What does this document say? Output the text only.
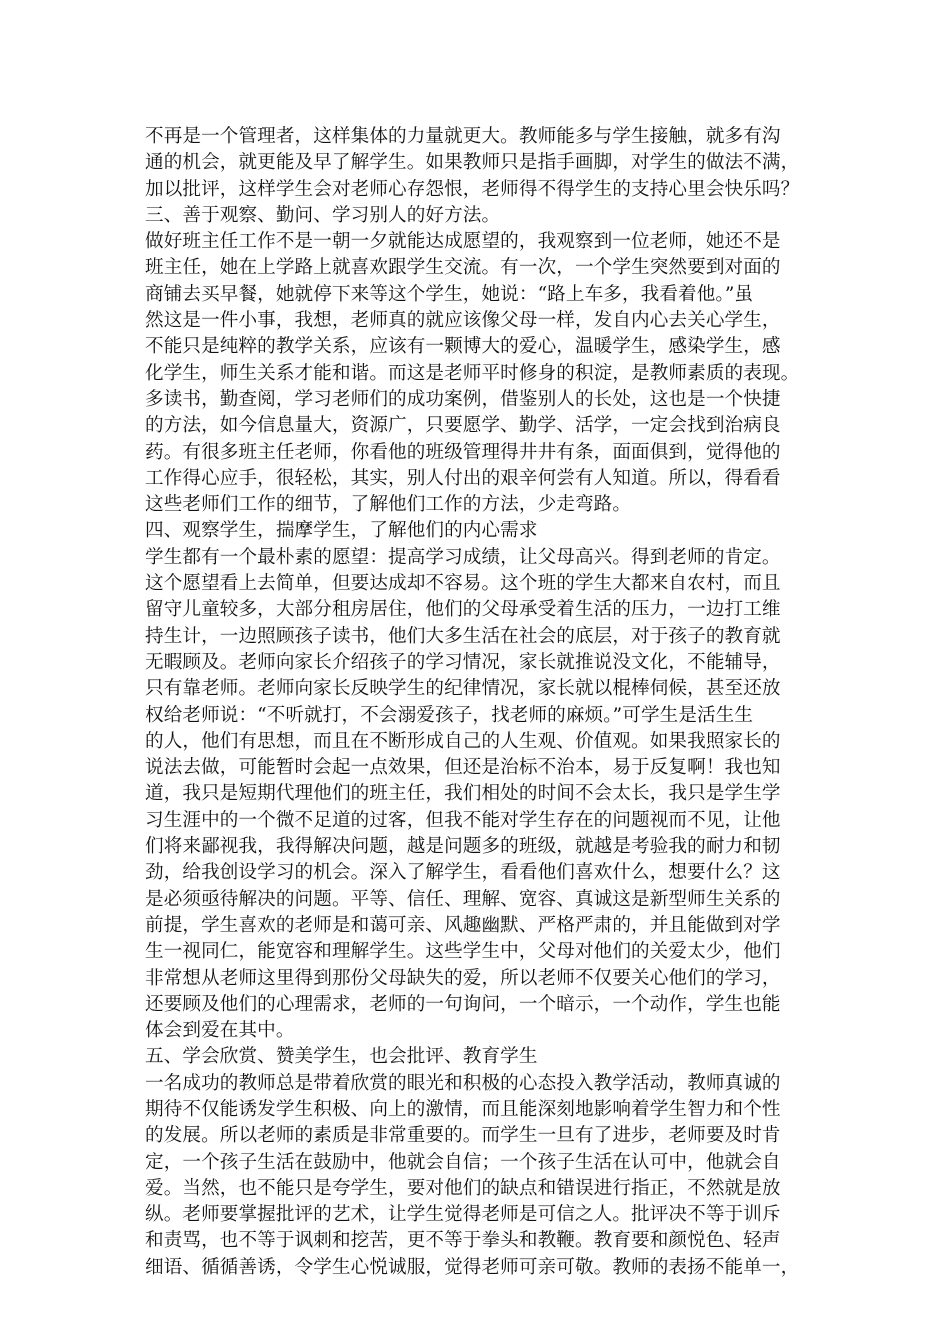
不再是一个管理者，这样集体的力量就更大。教师能多与学生接触，就多有沟
通的机会，就更能及早了解学生。如果教师只是指手画脚，对学生的做法不满，
加以批评，这样学生会对老师心存怨恨，老师得不得学生的支持心里会快乐吗？
三、善于观察、勤问、学习别人的好方法。
做好班主任工作不是一朝一夕就能达成愿望的，我观察到一位老师，她还不是
班主任，她在上学路上就喜欢跟学生交流。有一次，一个学生突然要到对面的
商铺去买早餐，她就停下来等这个学生，她说：“路上车多，我看着他。”虽
然这是一件小事，我想，老师真的就应该像父母一样，发自内心去关心学生，
不能只是纯粹的教学关系，应该有一颗博大的爱心，温暖学生，感染学生，感
化学生，师生关系才能和谐。而这是老师平时修身的积淀，是教师素质的表现。
多读书，勤查阅，学习老师们的成功案例，借鉴别人的长处，这也是一个快捷
的方法，如今信息量大，资源广，只要愿学、勤学、活学，一定会找到治病良
药。有很多班主任老师，你看他的班级管理得井井有条，面面俱到，觉得他的
工作得心应手，很轻松，其实，别人付出的艰辛何尝有人知道。所以，得看看
这些老师们工作的细节，了解他们工作的方法，少走弯路。
四、观察学生，揣摩学生，了解他们的内心需求
学生都有一个最朴素的愿望：提高学习成绩，让父母高兴。得到老师的肯定。
这个愿望看上去简单，但要达成却不容易。这个班的学生大都来自农村，而且
留守儿童较多，大部分租房居住，他们的父母承受着生活的压力，一边打工维
持生计，一边照顾孩子读书，他们大多生活在社会的底层，对于孩子的教育就
无暇顾及。老师向家长介绍孩子的学习情况，家长就推说没文化，不能辅导，
只有靠老师。老师向家长反映学生的纪律情况，家长就以棍棒伺候，甚至还放
权给老师说：“不听就打，不会溺爱孩子，找老师的麻烦。”可学生是活生生
的人，他们有思想，而且在不断形成自己的人生观、价值观。如果我照家长的
说法去做，可能暂时会起一点效果，但还是治标不治本，易于反复啊！我也知
道，我只是短期代理他们的班主任，我们相处的时间不会太长，我只是学生学
习生涯中的一个微不足道的过客，但我不能对学生存在的问题视而不见，让他
们将来鄙视我，我得解决问题，越是问题多的班级，就越是考验我的耐力和韧
劲，给我创设学习的机会。深入了解学生，看看他们喜欢什么，想要什么？这
是必须亟待解决的问题。平等、信任、理解、宽容、真诚这是新型师生关系的
前提，学生喜欢的老师是和蔼可亲、风趣幽默、严格严肃的，并且能做到对学
生一视同仁，能宽容和理解学生。这些学生中，父母对他们的关爱太少，他们
非常想从老师这里得到那份父母缺失的爱，所以老师不仅要关心他们的学习，
还要顾及他们的心理需求，老师的一句询问，一个暗示，一个动作，学生也能
体会到爱在其中。
五、学会欣赏、赞美学生，也会批评、教育学生
一名成功的教师总是带着欣赏的眼光和积极的心态投入教学活动，教师真诚的
期待不仅能诱发学生积极、向上的激情，而且能深刻地影响着学生智力和个性
的发展。所以老师的素质是非常重要的。而学生一旦有了进步，老师要及时肯
定，一个孩子生活在鼓励中，他就会自信；一个孩子生活在认可中，他就会自
爱。当然，也不能只是夸学生，要对他们的缺点和错误进行指正，不然就是放
纵。老师要掌握批评的艺术，让学生觉得老师是可信之人。批评决不等于训斥
和责骂，也不等于讽刺和挖苦，更不等于拳头和教鞭。教育要和颜悦色、轻声
细语、循循善诱，令学生心悦诚服，觉得老师可亲可敬。教师的表扬不能单一，
